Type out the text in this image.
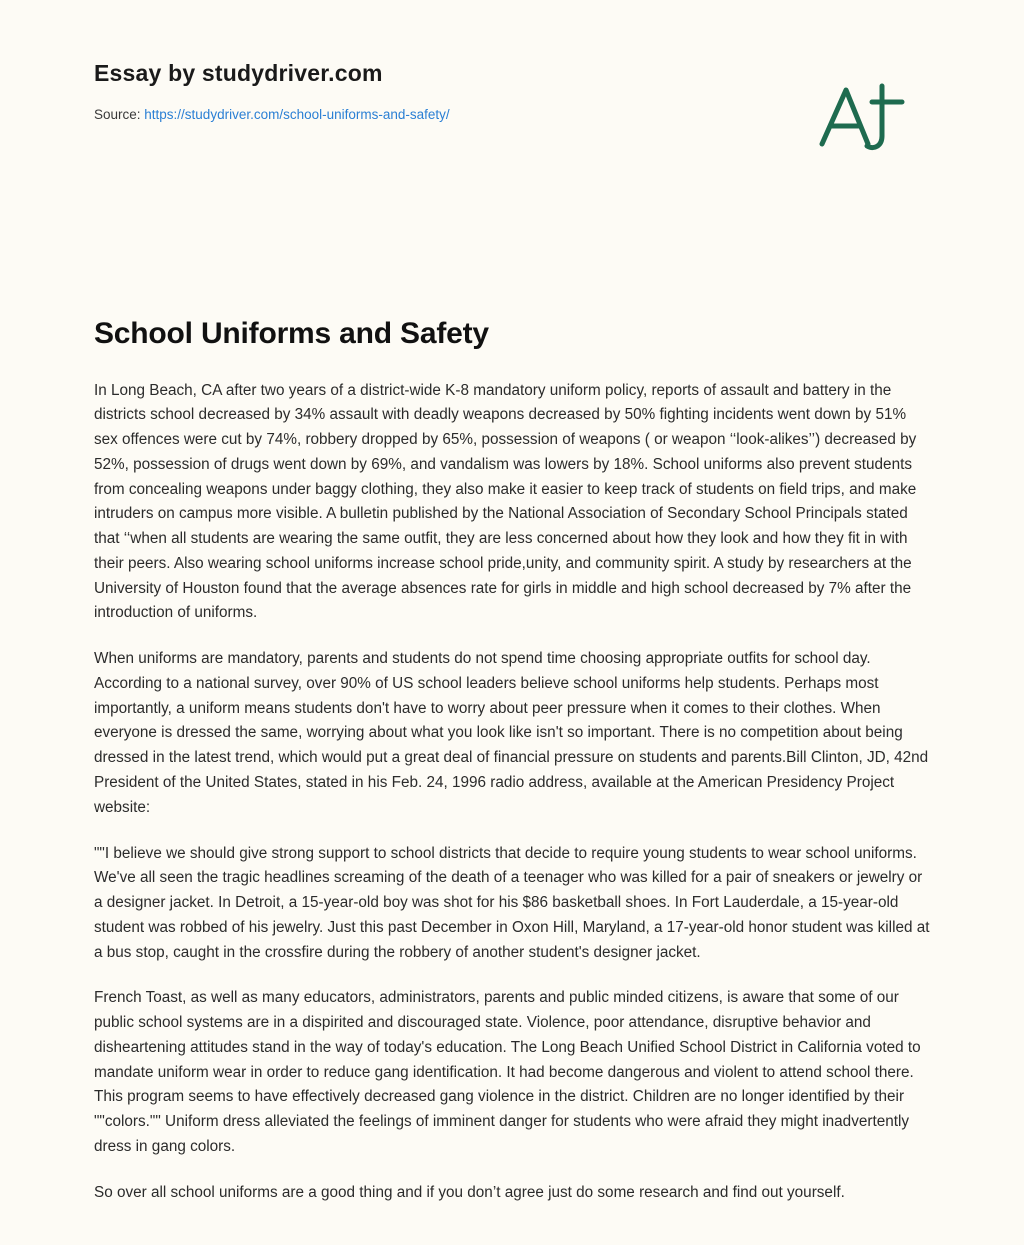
Essay by studydriver.com
Source: https://studydriver.com/school-uniforms-and-safety/
School Uniforms and Safety

In Long Beach, CA after two years of a district-wide K-8 mandatory uniform policy, reports of assault and battery in the districts school decreased by 34% assault with deadly weapons decreased by 50% fighting incidents went down by 51% sex offences were cut by 74%, robbery dropped by 65%, possession of weapons ( or weapon ‘‘look-alikes’’) decreased by 52%, possession of drugs went down by 69%, and vandalism was lowers by 18%. School uniforms also prevent students from concealing weapons under baggy clothing, they also make it easier to keep track of students on field trips, and make intruders on campus more visible. A bulletin published by the National Association of Secondary School Principals stated that ‘‘when all students are wearing the same outfit, they are less concerned about how they look and how they fit in with their peers. Also wearing school uniforms increase school pride,unity, and community spirit. A study by researchers at the University of Houston found that the average absences rate for girls in middle and high school decreased by 7% after the introduction of uniforms.

When uniforms are mandatory, parents and students do not spend time choosing appropriate outfits for school day. According to a national survey, over 90% of US school leaders believe school uniforms help students. Perhaps most importantly, a uniform means students don't have to worry about peer pressure when it comes to their clothes. When everyone is dressed the same, worrying about what you look like isn't so important. There is no competition about being dressed in the latest trend, which would put a great deal of financial pressure on students and parents.Bill Clinton, JD, 42nd President of the United States, stated in his Feb. 24, 1996 radio address, available at the American Presidency Project website:

""I believe we should give strong support to school districts that decide to require young students to wear school uniforms. We've all seen the tragic headlines screaming of the death of a teenager who was killed for a pair of sneakers or jewelry or a designer jacket. In Detroit, a 15-year-old boy was shot for his $86 basketball shoes. In Fort Lauderdale, a 15-year-old student was robbed of his jewelry. Just this past December in Oxon Hill, Maryland, a 17-year-old honor student was killed at a bus stop, caught in the crossfire during the robbery of another student's designer jacket.

French Toast, as well as many educators, administrators, parents and public minded citizens, is aware that some of our public school systems are in a dispirited and discouraged state. Violence, poor attendance, disruptive behavior and disheartening attitudes stand in the way of today's education. The Long Beach Unified School District in California voted to mandate uniform wear in order to reduce gang identification. It had become dangerous and violent to attend school there. This program seems to have effectively decreased gang violence in the district. Children are no longer identified by their ""colors."" Uniform dress alleviated the feelings of imminent danger for students who were afraid they might inadvertently dress in gang colors.

So over all school uniforms are a good thing and if you don’t agree just do some research and find out yourself.
